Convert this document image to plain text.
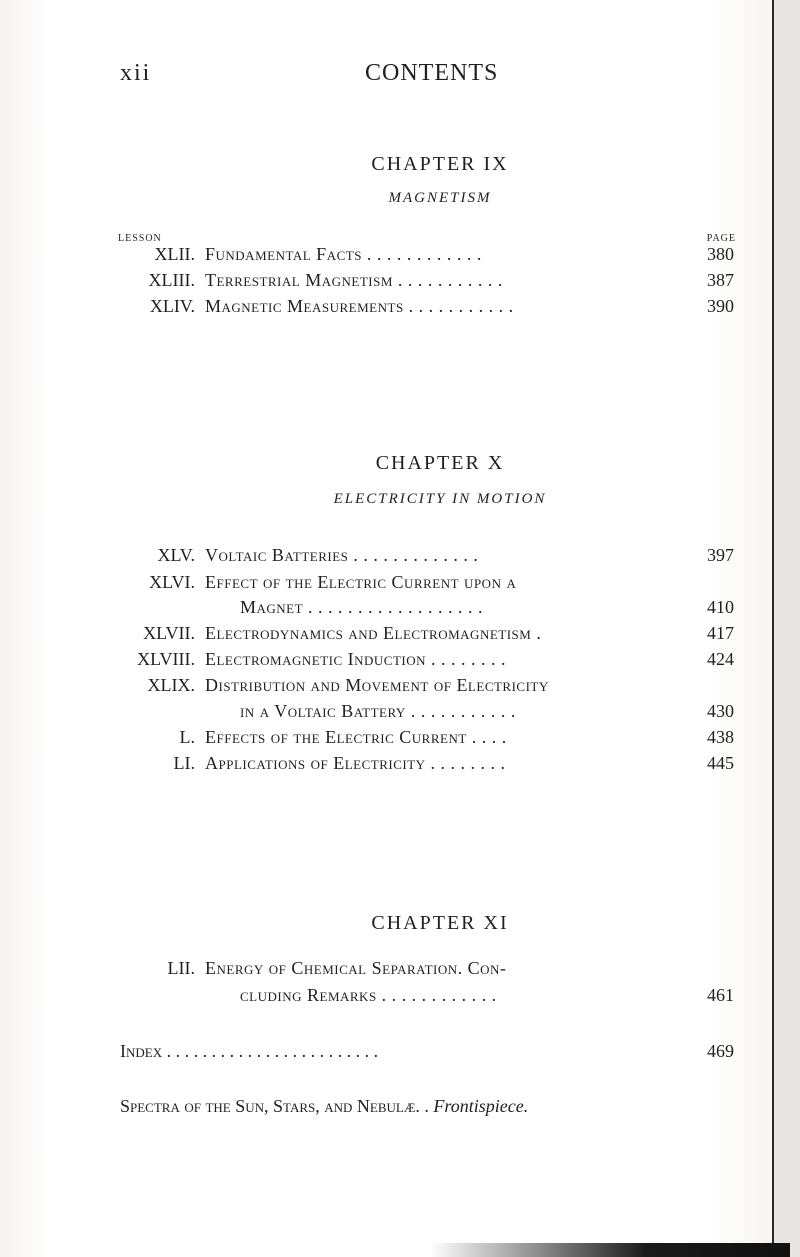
xii	CONTENTS
CHAPTER IX
MAGNETISM
LESSON	PAGE
XLII. Fundamental Facts . . . . . . . . . . . .	380
XLIII. Terrestrial Magnetism . . . . . . . . . . .	387
XLIV. Magnetic Measurements . . . . . . . . . . .	390
CHAPTER X
ELECTRICITY IN MOTION
XLV. Voltaic Batteries . . . . . . . . . . . . .	397
XLVI. Effect of the Electric Current upon a
Magnet . . . . . . . . . . . . . . . . . .	410
XLVII. Electrodynamics and Electromagnetism .	417
XLVIII. Electromagnetic Induction . . . . . . . .	424
XLIX. Distribution and Movement of Electricity
in a Voltaic Battery . . . . . . . . . . .	430
L. Effects of the Electric Current . . . .	438
LI. Applications of Electricity . . . . . . . .	445
CHAPTER XI
LII. Energy of Chemical Separation. Con-
cluding Remarks . . . . . . . . . . . .	461
Index . . . . . . . . . . . . . . . . . . . . . . . .	469
Spectra of the Sun, Stars, and Nebulæ. . Frontispiece.
